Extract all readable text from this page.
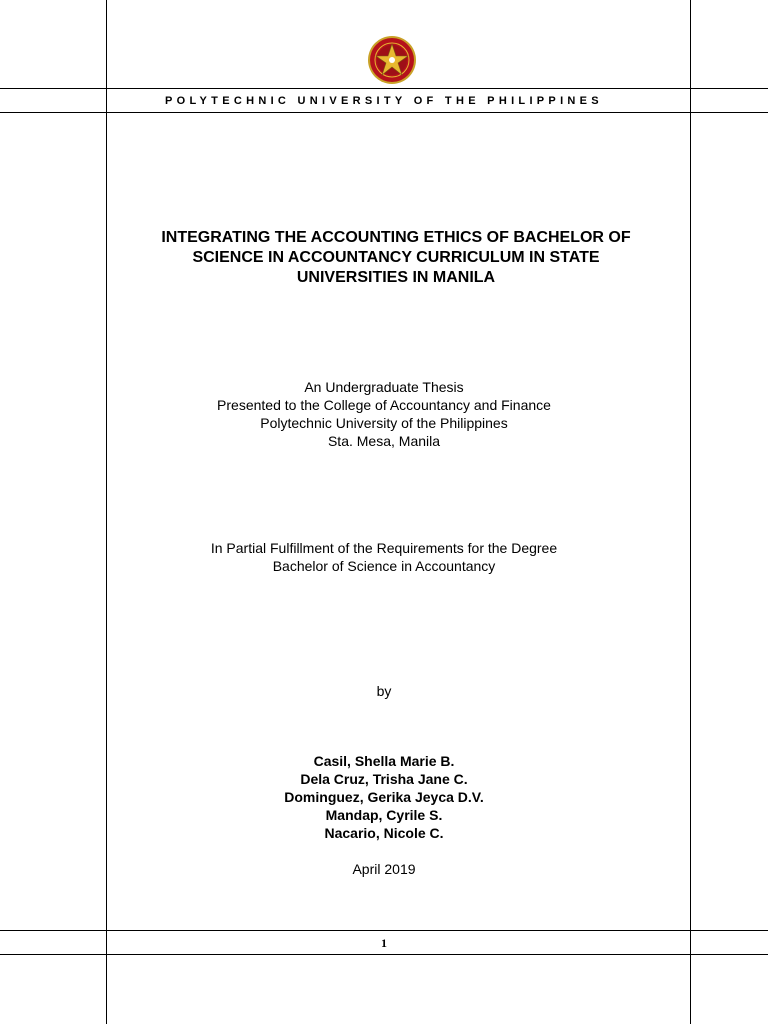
POLYTECHNIC UNIVERSITY OF THE PHILIPPINES
INTEGRATING THE ACCOUNTING ETHICS OF BACHELOR OF
SCIENCE IN ACCOUNTANCY CURRICULUM IN STATE
UNIVERSITIES IN MANILA
An Undergraduate Thesis
Presented to the College of Accountancy and Finance
Polytechnic University of the Philippines
Sta. Mesa, Manila
In Partial Fulfillment of the Requirements for the Degree
Bachelor of Science in Accountancy
by
Casil, Shella Marie B.
Dela Cruz, Trisha Jane C.
Dominguez, Gerika Jeyca D.V.
Mandap, Cyrile S.
Nacario, Nicole C.
April 2019
1
